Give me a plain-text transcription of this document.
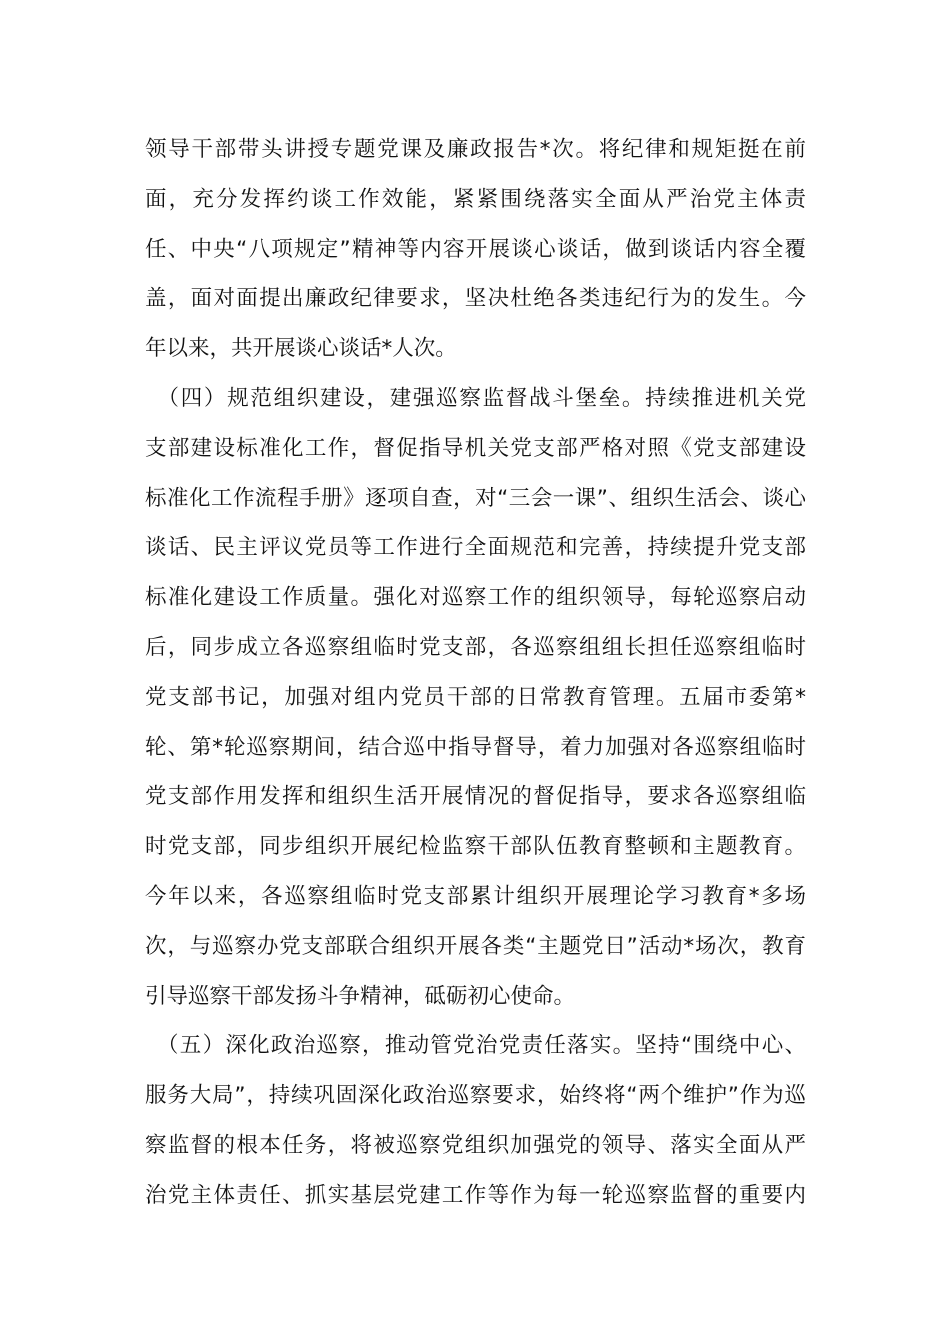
领导干部带头讲授专题党课及廉政报告*次。将纪律和规矩挺在前
面，充分发挥约谈工作效能，紧紧围绕落实全面从严治党主体责
任、中央“八项规定”精神等内容开展谈心谈话，做到谈话内容全覆
盖，面对面提出廉政纪律要求，坚决杜绝各类违纪行为的发生。今
年以来，共开展谈心谈话*人次。
　（四）规范组织建设，建强巡察监督战斗堡垒。持续推进机关党
支部建设标准化工作，督促指导机关党支部严格对照《党支部建设
标准化工作流程手册》逐项自查，对“三会一课”、组织生活会、谈心
谈话、民主评议党员等工作进行全面规范和完善，持续提升党支部
标准化建设工作质量。强化对巡察工作的组织领导，每轮巡察启动
后，同步成立各巡察组临时党支部，各巡察组组长担任巡察组临时
党支部书记，加强对组内党员干部的日常教育管理。五届市委第*
轮、第*轮巡察期间，结合巡中指导督导，着力加强对各巡察组临时
党支部作用发挥和组织生活开展情况的督促指导，要求各巡察组临
时党支部，同步组织开展纪检监察干部队伍教育整顿和主题教育。
今年以来，各巡察组临时党支部累计组织开展理论学习教育*多场
次，与巡察办党支部联合组织开展各类“主题党日”活动*场次，教育
引导巡察干部发扬斗争精神，砥砺初心使命。
　（五）深化政治巡察，推动管党治党责任落实。坚持“围绕中心、
服务大局”，持续巩固深化政治巡察要求，始终将“两个维护”作为巡
察监督的根本任务，将被巡察党组织加强党的领导、落实全面从严
治党主体责任、抓实基层党建工作等作为每一轮巡察监督的重要内
